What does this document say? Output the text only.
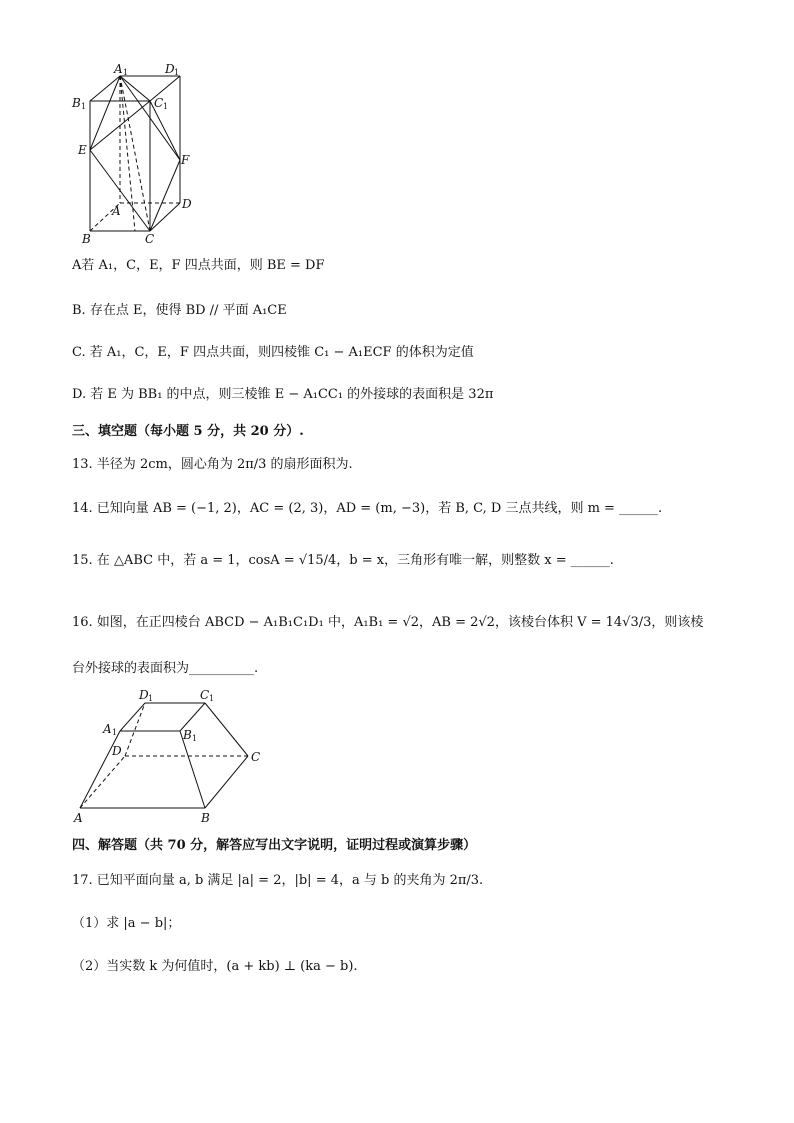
A 1	D 1
B 1	C 1
E
F
A	D
B	C
A若 A₁，C，E，F 四点共面，则 BE = DF
B. 存在点 E，使得 BD // 平面 A₁CE
C. 若 A₁，C，E，F 四点共面，则四棱锥 C₁ − A₁ECF 的体积为定值
D. 若 E 为 BB₁ 的中点，则三棱锥 E − A₁CC₁ 的外接球的表面积是 32π
三、填空题（每小题 5 分，共 20 分）.
13. 半径为 2cm，圆心角为 2π/3 的扇形面积为.
14. 已知向量 AB = (−1, 2)，AC = (2, 3)，AD = (m, −3)，若 B, C, D 三点共线，则 m = ______.
15. 在 △ABC 中，若 a = 1，cosA = √15/4，b = x，三角形有唯一解，则整数 x = ______.
16. 如图，在正四棱台 ABCD − A₁B₁C₁D₁ 中，A₁B₁ = √2，AB = 2√2，该棱台体积 V = 14√3/3，则该棱
台外接球的表面积为__________.
D 1	C 1
A 1	B 1
D	C
A	B
四、解答题（共 70 分，解答应写出文字说明，证明过程或演算步骤）
17. 已知平面向量 a, b 满足 |a| = 2，|b| = 4，a 与 b 的夹角为 2π/3.
（1）求 |a − b|；
（2）当实数 k 为何值时，(a + kb) ⊥ (ka − b).
